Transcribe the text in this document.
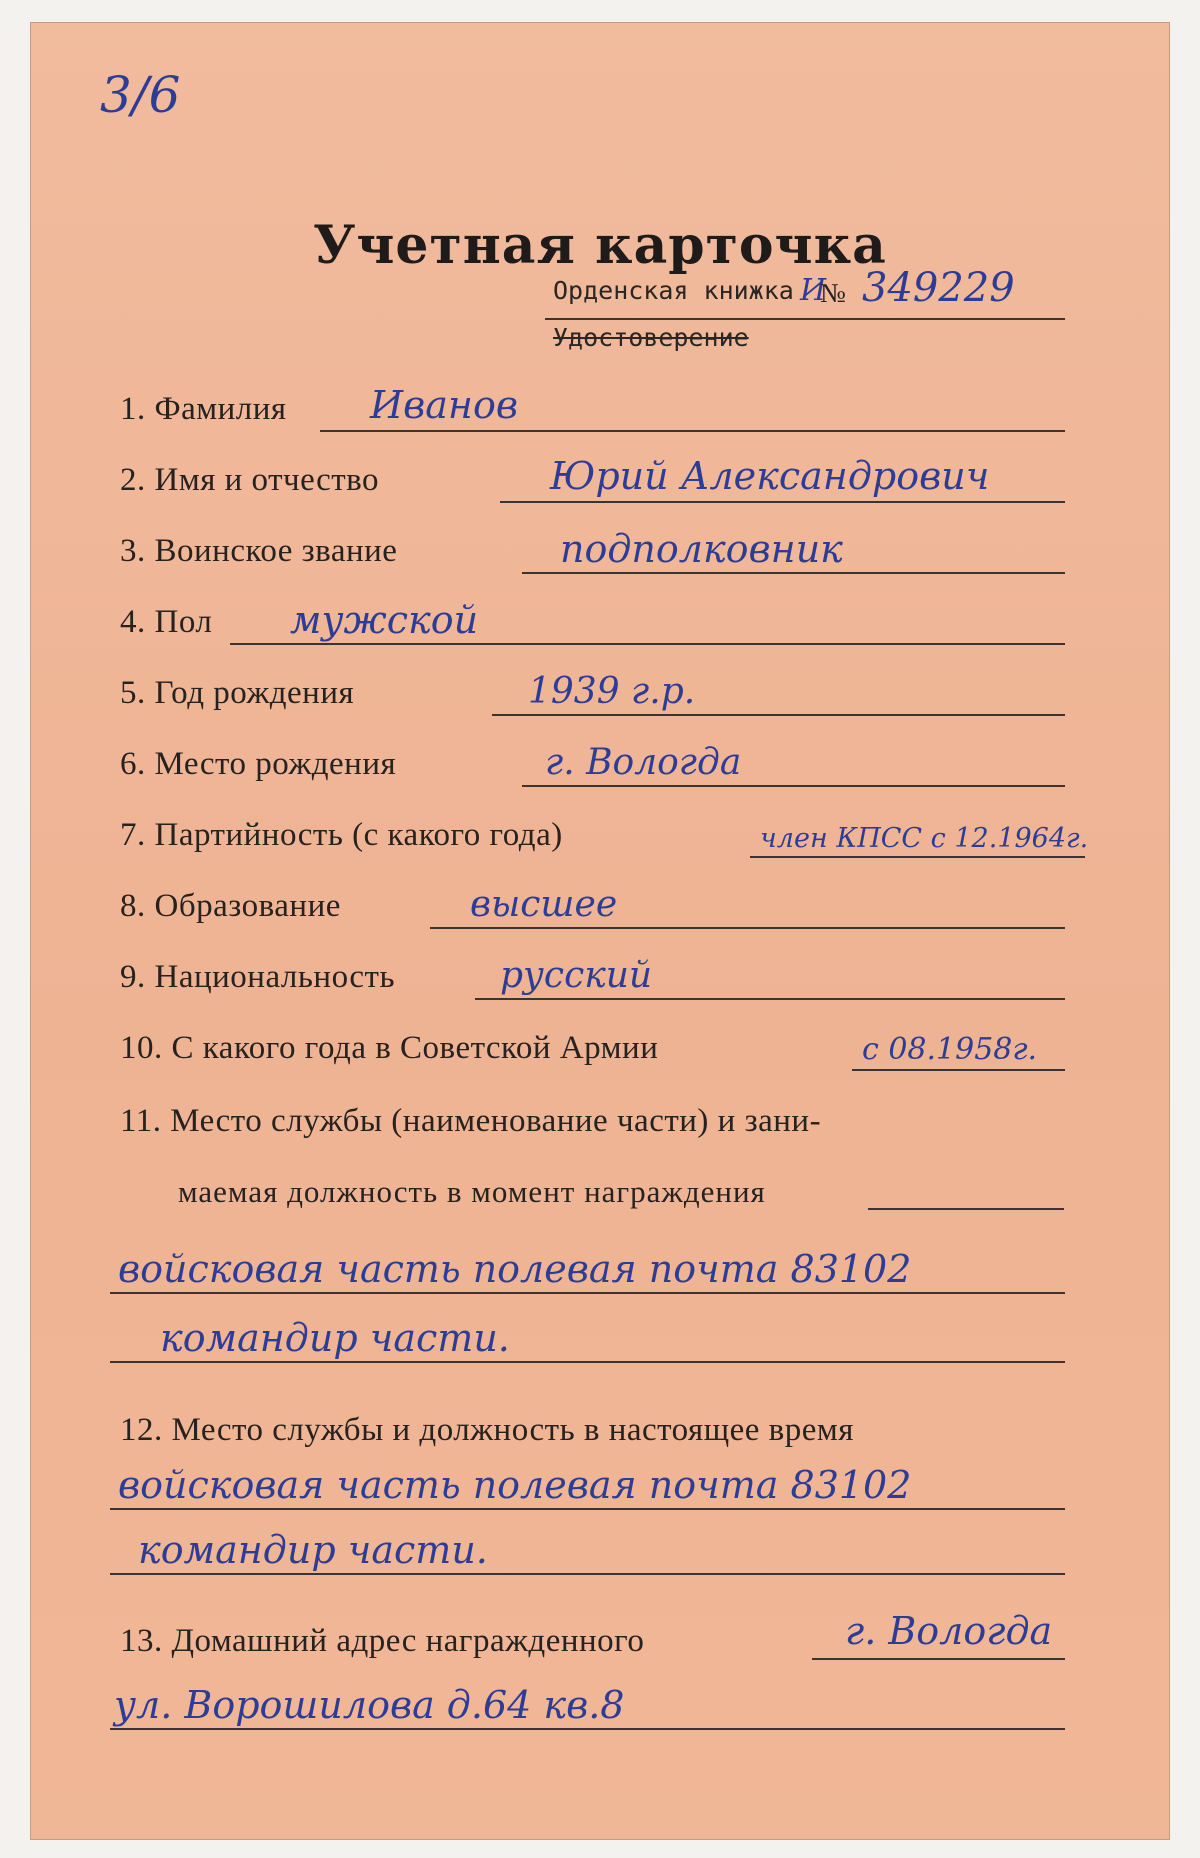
3/6
Учетная карточка
Орденская книжка И
№ 349229
Удостоверение
1. Фамилия Иванов
2. Имя и отчество	Юрий Александрович
3. Воинское звание	подполковник
4. Пол мужской
5. Год рождения	1939 г.р.
6. Место рождения	г. Вологда
7. Партийность (с какого года)	член КПСС с 12.1964г.
8. Образование	высшее
9. Национальность	русский
10. С какого года в Советской Армии	с 08.1958г.
11. Место службы (наименование части) и зани-
маемая должность в момент награждения
войсковая часть полевая почта 83102
командир части.
12. Место службы и должность в настоящее время
войсковая часть полевая почта 83102
командир части.
13. Домашний адрес награжденного	г. Вологда
ул. Ворошилова д.64 кв.8
